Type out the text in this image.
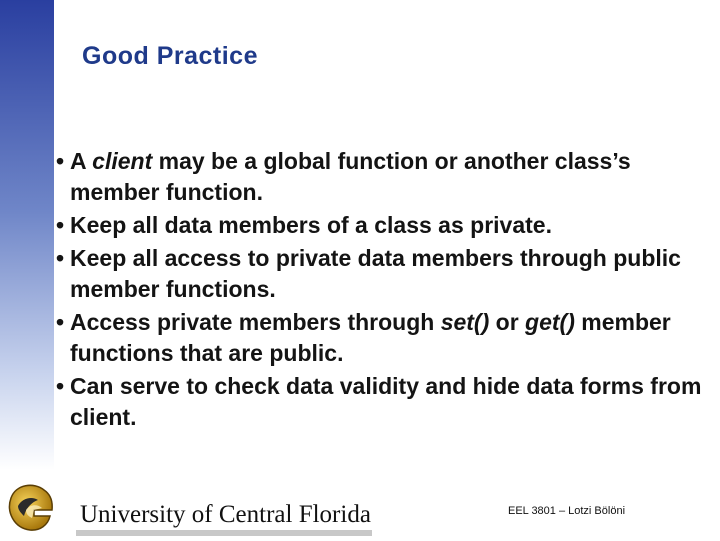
Good Practice
• A client may be a global function or another class’s member function.
• Keep all data members of a class as private.
• Keep all access to private data members through public member functions.
• Access private members through set() or get() member functions that are public.
• Can serve to check data validity and hide data forms from client.
University of Central Florida	EEL 3801 – Lotzi Bölöni
